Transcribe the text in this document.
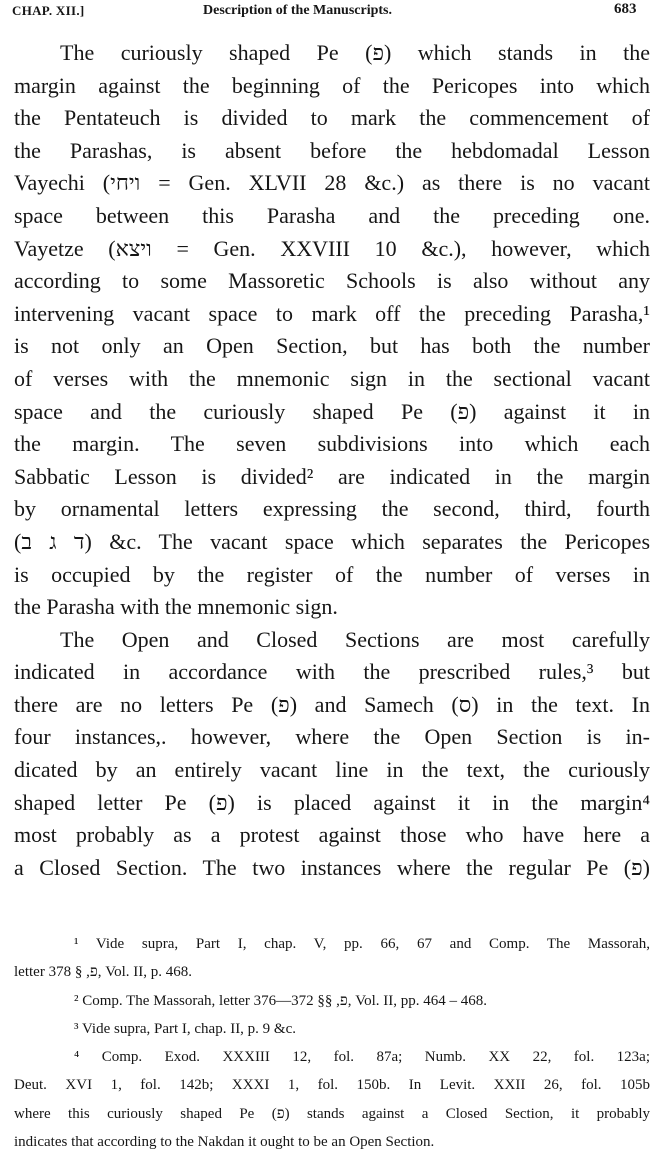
CHAP. XII.]	Description of the Manuscripts.	683
The curiously shaped Pe (פ) which stands in the
margin against the beginning of the Pericopes into which
the Pentateuch is divided to mark the commencement of
the Parashas, is absent before the hebdomadal Lesson
Vayechi (ויחי = Gen. XLVII 28 &c.) as there is no vacant
space between this Parasha and the preceding one.
Vayetze (ויצא = Gen. XXVIII 10 &c.), however, which
according to some Massoretic Schools is also without any
intervening vacant space to mark off the preceding Parasha,¹
is not only an Open Section, but has both the number
of verses with the mnemonic sign in the sectional vacant
space and the curiously shaped Pe (פ) against it in
the margin. The seven subdivisions into which each
Sabbatic Lesson is divided² are indicated in the margin
by ornamental letters expressing the second, third, fourth
(ד ג ב) &c. The vacant space which separates the Pericopes
is occupied by the register of the number of verses in
the Parasha with the mnemonic sign.
The Open and Closed Sections are most carefully
indicated in accordance with the prescribed rules,³ but
there are no letters Pe (פ) and Samech (ס) in the text. In
four instances,. however, where the Open Section is in-
dicated by an entirely vacant line in the text, the curiously
shaped letter Pe (פ) is placed against it in the margin⁴
most probably as a protest against those who have here a
a Closed Section. The two instances where the regular Pe (פ)
¹ Vide supra, Part I, chap. V, pp. 66, 67 and Comp. The Massorah,
letter פ, § 378, Vol. II, p. 468.
² Comp. The Massorah, letter פ, §§ 372—376, Vol. II, pp. 464 – 468.
³ Vide supra, Part I, chap. II, p. 9 &c.
⁴ Comp. Exod. XXXIII 12, fol. 87a; Numb. XX 22, fol. 123a;
Deut. XVI 1, fol. 142b; XXXI 1, fol. 150b. In Levit. XXII 26, fol. 105b
where this curiously shaped Pe (פ) stands against a Closed Section, it probably
indicates that according to the Nakdan it ought to be an Open Section.
